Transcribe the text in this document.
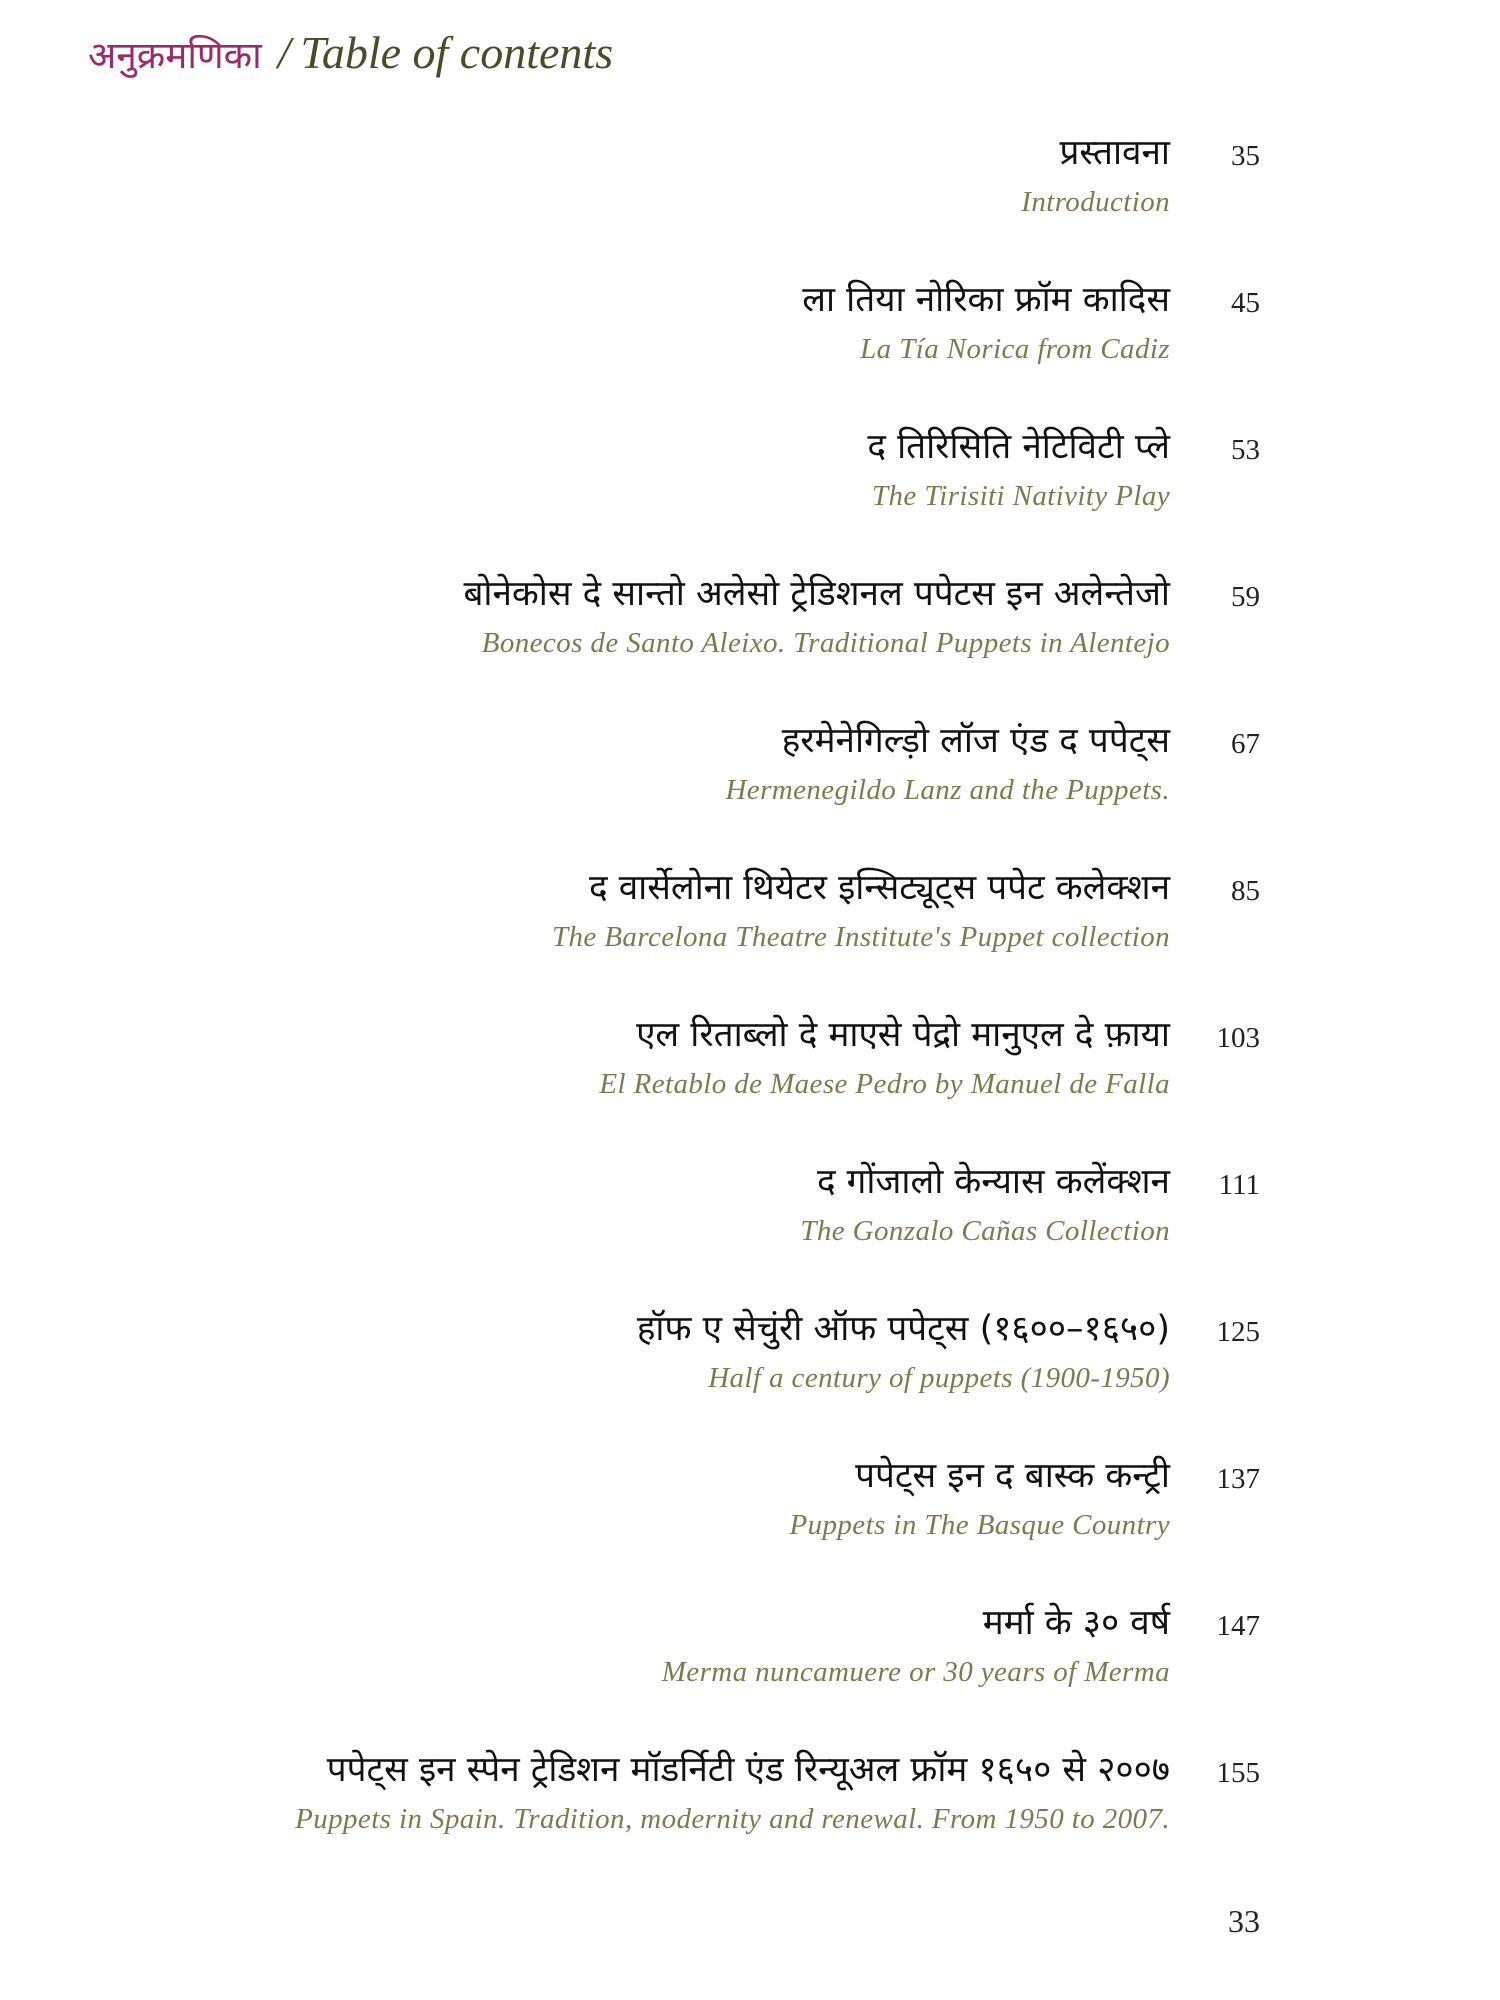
अनुक्रमणिका / Table of contents
प्रस्तावना
Introduction
35
ला तिया नोरिका फ्रॉम कादिस
La Tía Norica from Cadiz
45
द तिरिसिति नेटिविटी प्ले
The Tirisiti Nativity Play
53
बोनेकोस दे सान्तो अलेसो ट्रेडिशनल पपेटस इन अलेन्तेजो
Bonecos de Santo Aleixo. Traditional Puppets in Alentejo
59
हरमेनेगिल्ड़ो लॉज एंड द पपेट्स
Hermenegildo Lanz and the Puppets.
67
द वार्सेलोना थियेटर इन्सिट्यूट्स पपेट कलेक्शन
The Barcelona Theatre Institute's Puppet collection
85
एल रिताब्लो दे माएसे पेद्रो मानुएल दे फ़ाया
El Retablo de Maese Pedro by Manuel de Falla
103
द गोंजालो केन्यास कलेंक्शन
The Gonzalo Cañas Collection
111
हॉफ ए सेचुंरी ऑफ पपेट्स (१६००–१६५०)
Half a century of puppets (1900-1950)
125
पपेट्स इन द बास्क कन्ट्री
Puppets in The Basque Country
137
मर्मा के ३० वर्ष
Merma nuncamuere or 30 years of Merma
147
पपेट्स इन स्पेन ट्रेडिशन मॉडर्निटी एंड रिन्यूअल फ्रॉम १६५० से २००७
Puppets in Spain. Tradition, modernity and renewal. From 1950 to 2007.
155
33
